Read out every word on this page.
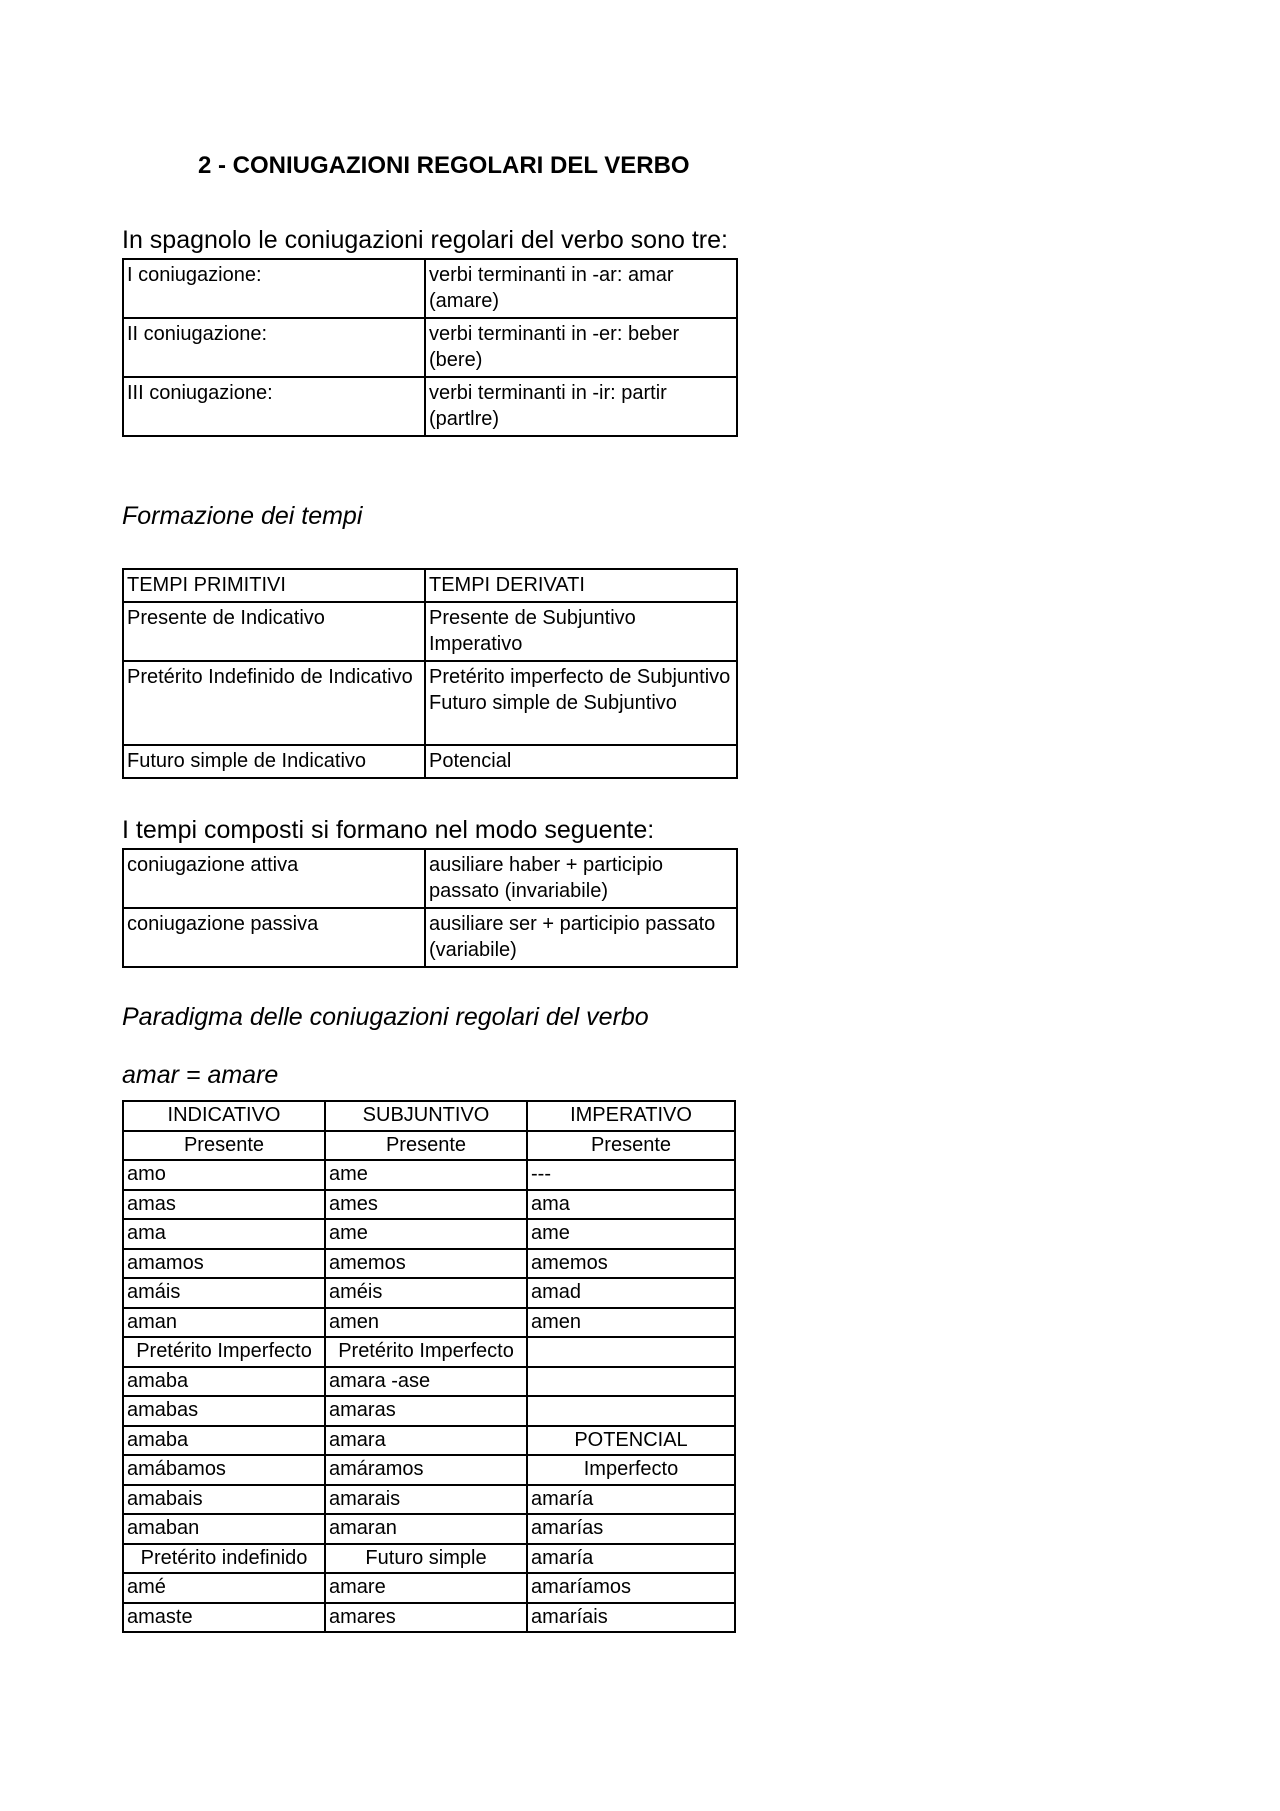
2 - CONIUGAZIONI REGOLARI DEL VERBO
In spagnolo le coniugazioni regolari del verbo sono tre:
I coniugazione:	verbi terminanti in -ar: amar (amare)
II coniugazione:	verbi terminanti in -er: beber (bere)
III coniugazione:	verbi terminanti in -ir: partir (partlre)
Formazione dei tempi
TEMPI PRIMITIVI	TEMPI DERIVATI
Presente de Indicativo	Presente de Subjuntivo
Imperativo

Pretérito Indefinido de Indicativo	Pretérito imperfecto de Subjuntivo
Futuro simple de Subjuntivo

Futuro simple de Indicativo	Potencial
I tempi composti si formano nel modo seguente:
coniugazione attiva	ausiliare haber + participio passato (invariabile)
coniugazione passiva	ausiliare ser + participio passato (variabile)
Paradigma delle coniugazioni regolari del verbo
amar = amare
INDICATIVO	SUBJUNTIVO	IMPERATIVO
Presente	Presente	Presente
amo	ame	---
amas	ames	ama
ama	ame	ame
amamos	amemos	amemos
amáis	améis	amad
aman	amen	amen
Pretérito Imperfecto	Pretérito Imperfecto	
amaba	amara -ase	
amabas	amaras	
amaba	amara	POTENCIAL
amábamos	amáramos	Imperfecto
amabais	amarais	amaría
amaban	amaran	amarías
Pretérito indefinido	Futuro simple	amaría
amé	amare	amaríamos
amaste	amares	amaríais
